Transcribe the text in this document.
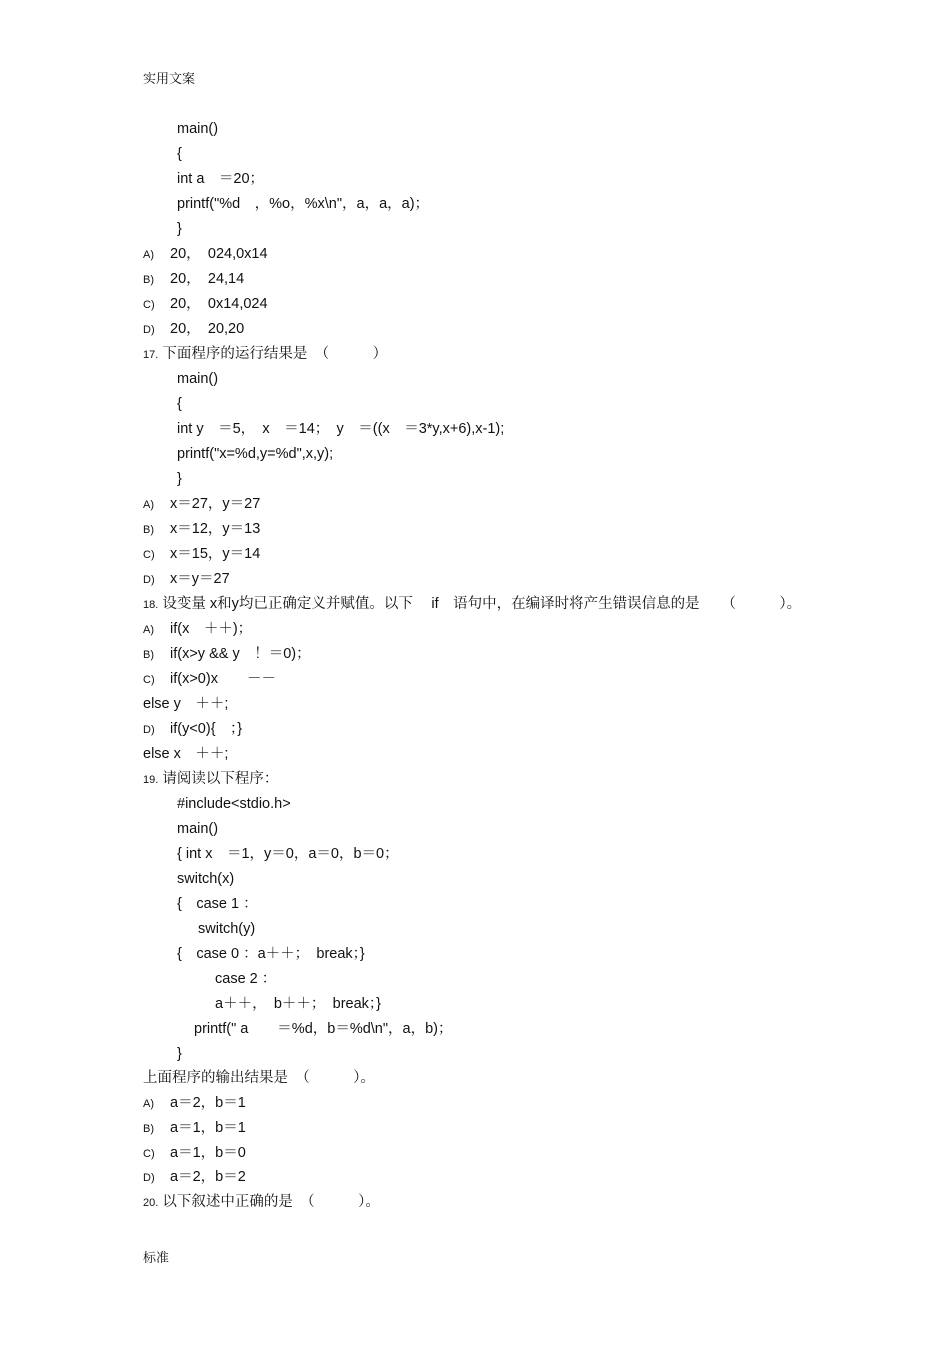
实用文案
main()
{
int a　＝20；
printf("%d　，%o，%x\n"，a，a，a)；
}
A) 20，　024,0x14
B) 20，　24,14
C) 20，　0x14,024
D) 20，　20,20
17. 下面程序的运行结果是　（　　　）
main()
{
int y　＝5，　x　＝14；　y　＝((x　＝3*y,x+6),x-1);
printf("x=%d,y=%d",x,y);
}
A) x＝27，y＝27
B) x＝12，y＝13
C) x＝15，y＝14
D) x＝y＝27
18. 设变量 x和y均已正确定义并赋值。以下　 if　语句中，在编译时将产生错误信息的是　　（　　　）。
A) if(x　＋＋)；
B) if(x>y && y　！＝0)；
C) if(x>0)x　　－－
else y　＋＋;
D) if(y<0){　；}
else x　＋＋;
19. 请阅读以下程序：
#include<stdio.h>
main()
{ int x　＝1，y＝0，a＝0，b＝0；
switch(x)
{　case 1 ：
switch(y)
{　case 0 ：a＋＋；　break；}
case 2 ：
a＋＋，　b＋＋；　break；}
printf(" a　　＝%d，b＝%d\n"，a，b)；
}
上面程序的输出结果是　（　　　）。
A) a＝2，b＝1
B) a＝1，b＝1
C) a＝1，b＝0
D) a＝2，b＝2
20. 以下叙述中正确的是　（　　　）。
标准
